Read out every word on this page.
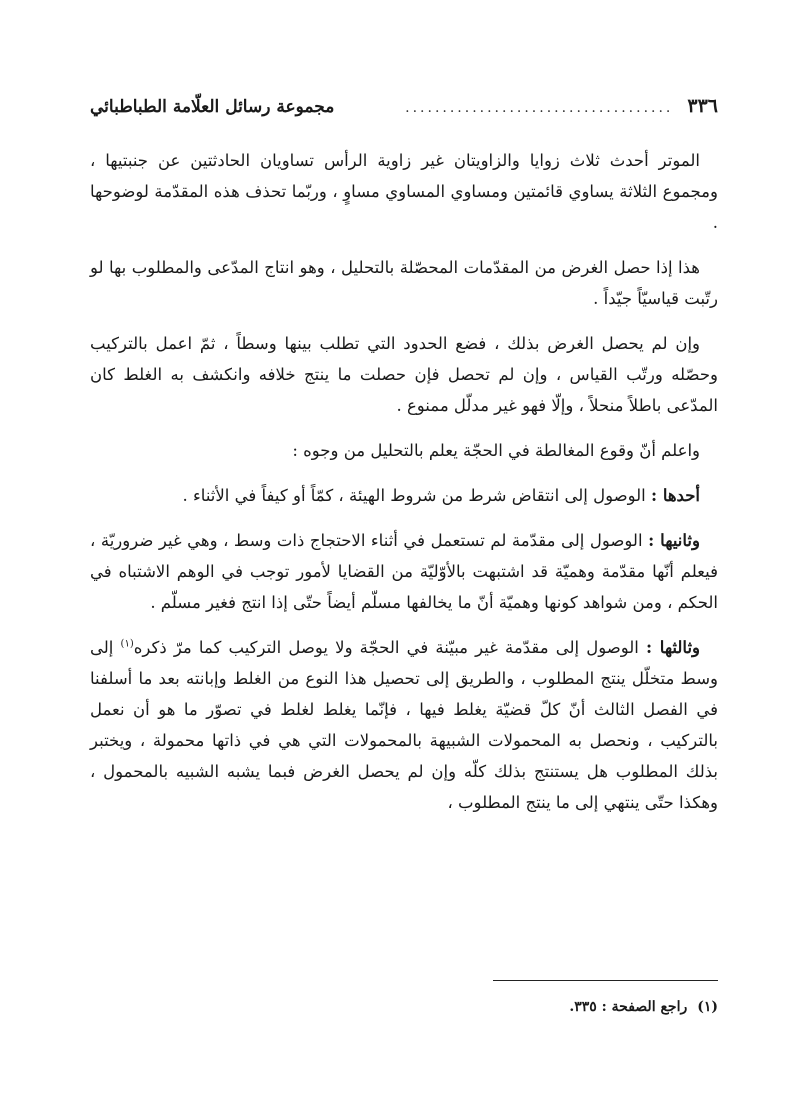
٣٣٦
....................................
مجموعة رسائل العلّامة الطباطبائي

الموتر أحدث ثلاث زوايا والزاويتان غير زاوية الرأس تساويان الحادثتين عن جنبتيها ، ومجموع الثلاثة يساوي قائمتين ومساوي المساوي مساوٍ ، وربّما تحذف هذه المقدّمة لوضوحها .

هذا إذا حصل الغرض من المقدّمات المحصّلة بالتحليل ، وهو انتاج المدّعى والمطلوب بها لو رتّبت قياسيّاً جيّداً .

وإن لم يحصل الغرض بذلك ، فضع الحدود التي تطلب بينها وسطاً ، ثمّ اعمل بالتركيب وحصّله ورتّب القياس ، وإن لم تحصل فإن حصلت ما ينتج خلافه وانكشف به الغلط كان المدّعى باطلاً منحلاً ، وإلّا فهو غير مدلّل ممنوع .

واعلم أنّ وقوع المغالطة في الحجّة يعلم بالتحليل من وجوه :

أحدها : الوصول إلى انتقاض شرط من شروط الهيئة ، كمّاً أو كيفاً في الأثناء .

وثانيها : الوصول إلى مقدّمة لم تستعمل في أثناء الاحتجاج ذات وسط ، وهي غير ضروريّة ، فيعلم أنّها مقدّمة وهميّة قد اشتبهت بالأوّليّة من القضايا لأمور توجب في الوهم الاشتباه في الحكم ، ومن شواهد كونها وهميّة أنّ ما يخالفها مسلّم أيضاً حتّى إذا انتج فغير مسلّم .

وثالثها : الوصول إلى مقدّمة غير مبيّنة في الحجّة ولا يوصل التركيب كما مرّ ذكره$^{(١)}$ إلى وسط متخلّل ينتج المطلوب ، والطريق إلى تحصيل هذا النوع من الغلط وإبانته بعد ما أسلفنا في الفصل الثالث أنّ كلّ قضيّة يغلط فيها ، فإنّما يغلط لغلط في تصوّر ما هو أن نعمل بالتركيب ، ونحصل به المحمولات الشبيهة بالمحمولات التي هي في ذاتها محمولة ، ويختبر بذلك المطلوب هل يستنتج بذلك كلّه وإن لم يحصل الغرض فبما يشبه الشبيه بالمحمول ، وهكذا حتّى ينتهي إلى ما ينتج المطلوب ،

(١)راجع الصفحة : ٣٣٥.
